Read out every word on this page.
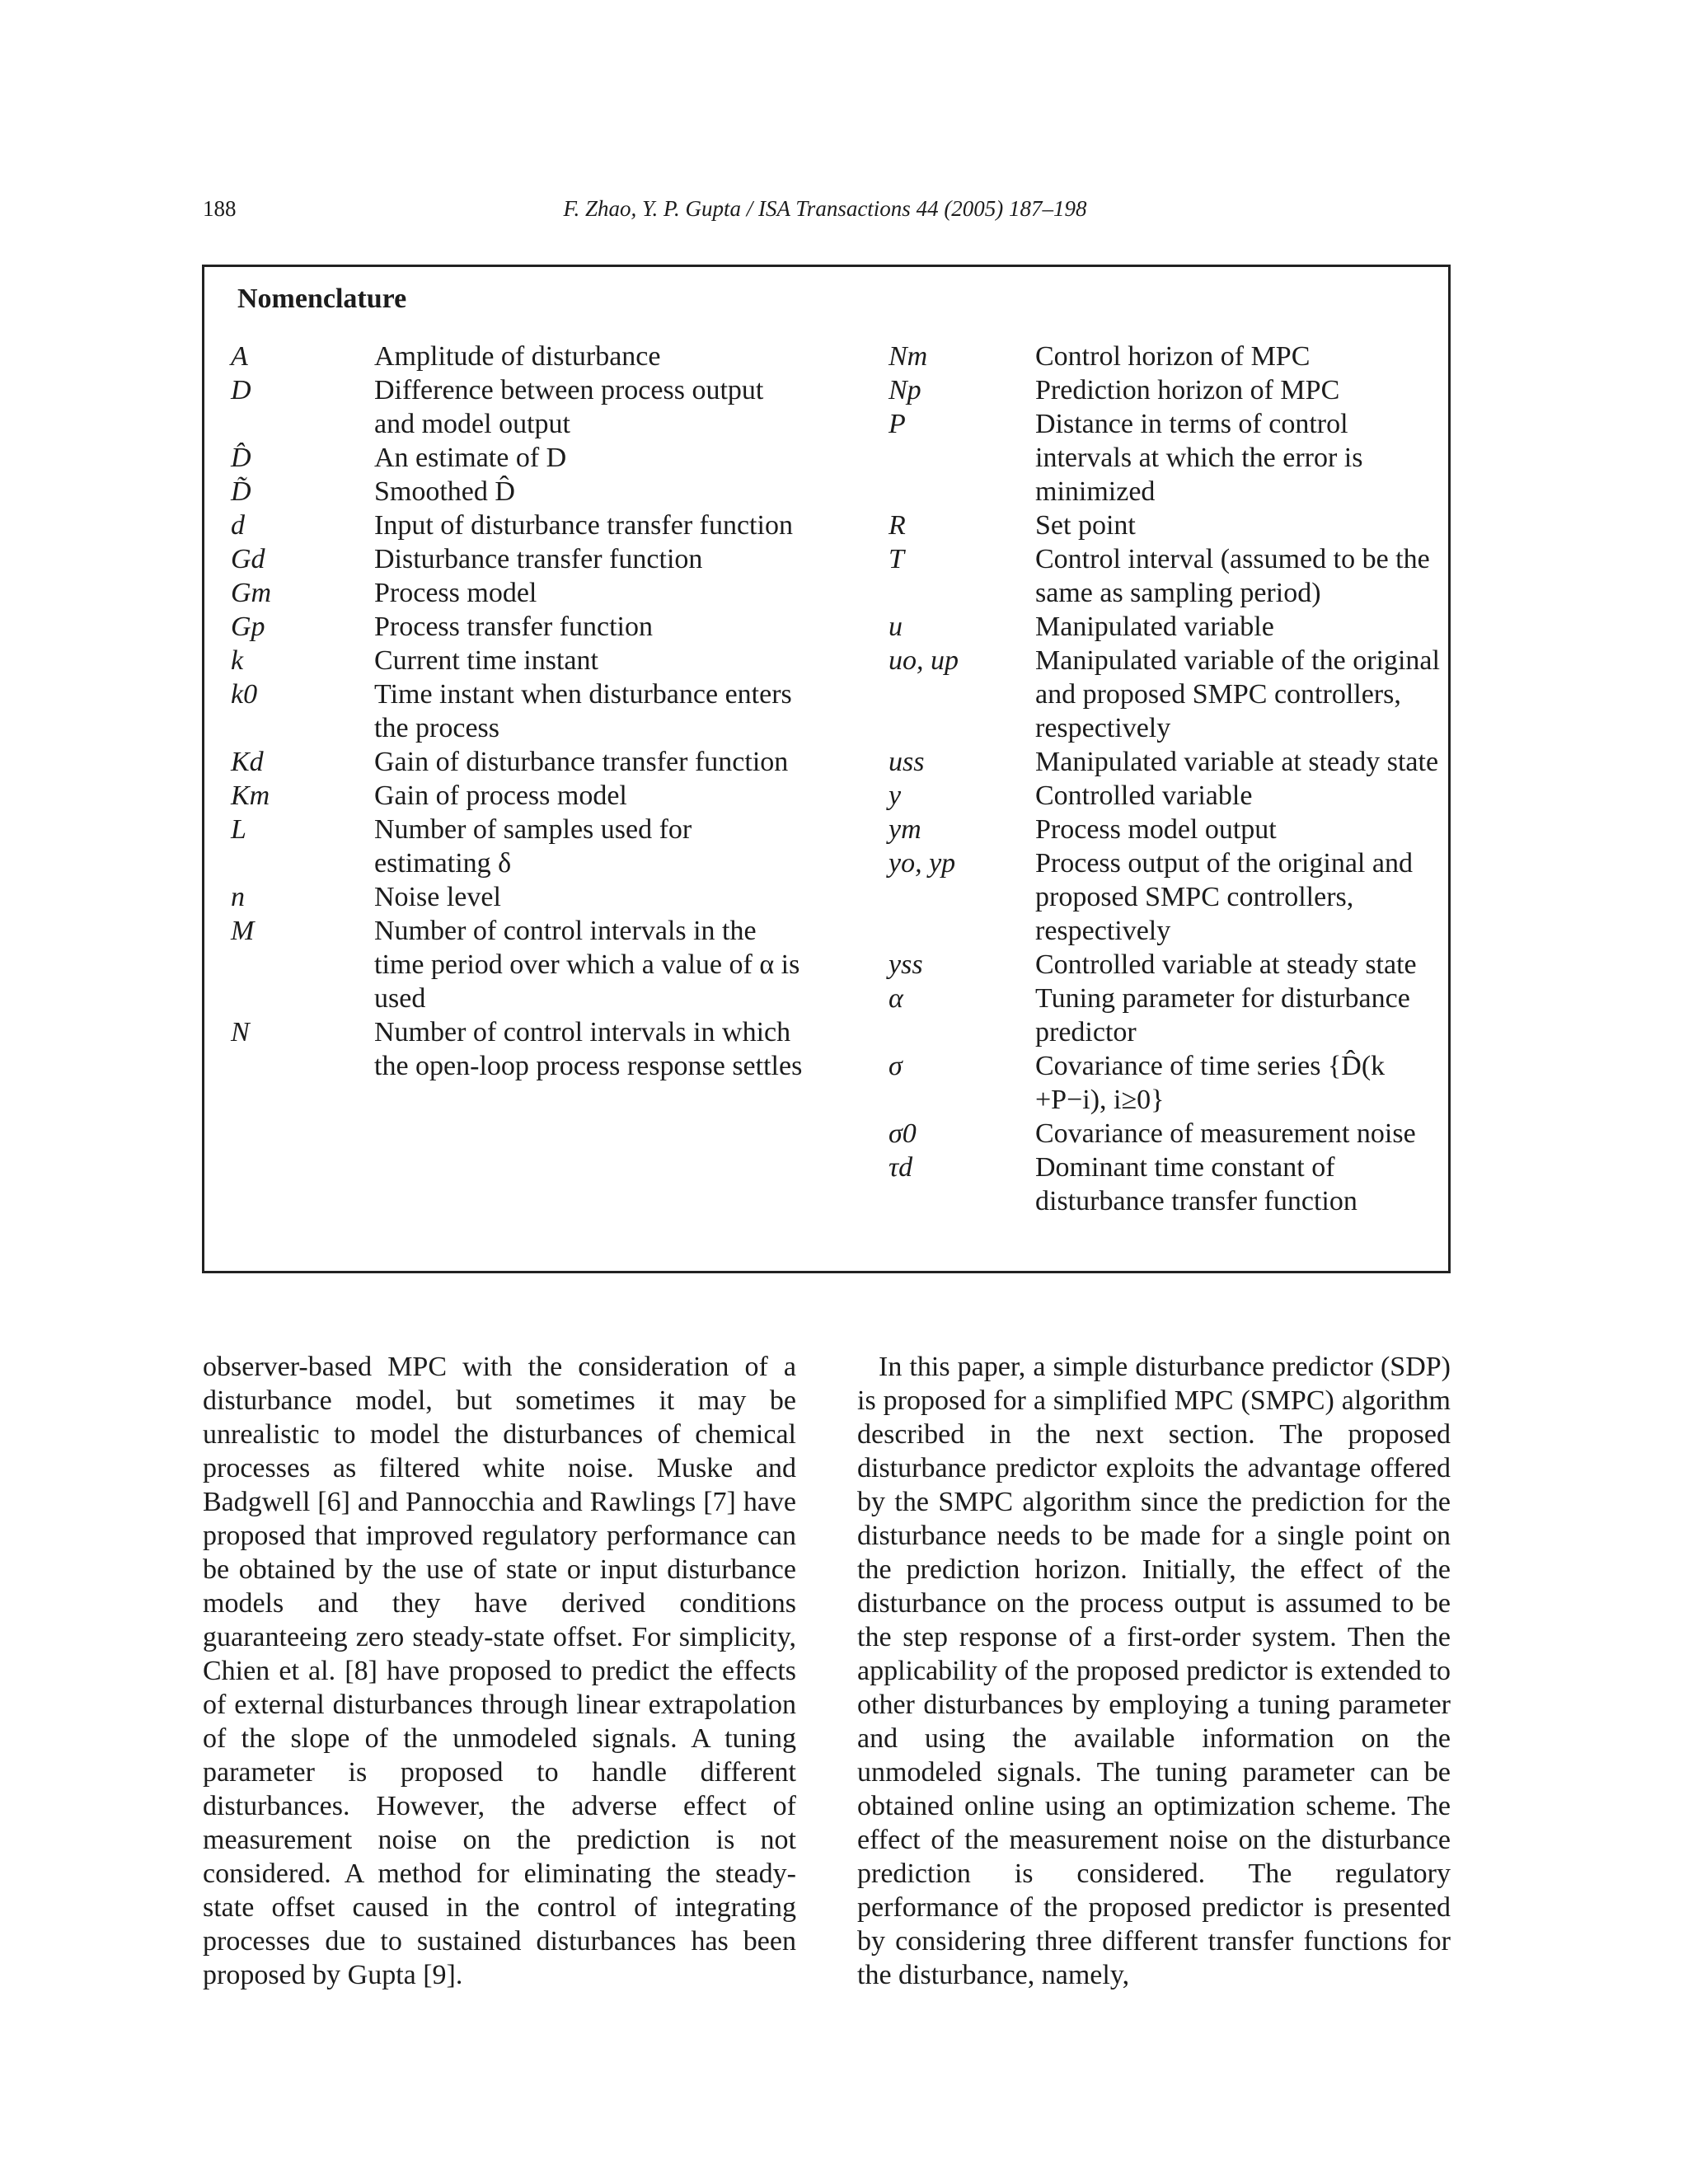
188	F. Zhao, Y. P. Gupta / ISA Transactions 44 (2005) 187–198
Nomenclature
A	Amplitude of disturbance
D	Difference between process output and model output
D̂	An estimate of D
D̃	Smoothed D̂
d	Input of disturbance transfer function
Gd	Disturbance transfer function
Gm	Process model
Gp	Process transfer function
k	Current time instant
k0	Time instant when disturbance enters the process
Kd	Gain of disturbance transfer function
Km	Gain of process model
L	Number of samples used for estimating δ
n	Noise level
M	Number of control intervals in the time period over which a value of α is used
N	Number of control intervals in which the open-loop process response settles
Nm	Control horizon of MPC
Np	Prediction horizon of MPC
P	Distance in terms of control intervals at which the error is minimized
R	Set point
T	Control interval (assumed to be the same as sampling period)
u	Manipulated variable
uo, up	Manipulated variable of the original and proposed SMPC controllers, respectively
uss	Manipulated variable at steady state
y	Controlled variable
ym	Process model output
yo, yp	Process output of the original and proposed SMPC controllers, respectively
yss	Controlled variable at steady state
α	Tuning parameter for disturbance predictor
σ	Covariance of time series {D̂(k +P−i), i≥0}
σ0	Covariance of measurement noise
τd	Dominant time constant of disturbance transfer function

observer-based MPC with the consideration of a disturbance model, but sometimes it may be unrealistic to model the disturbances of chemical processes as filtered white noise. Muske and Badgwell [6] and Pannocchia and Rawlings [7] have proposed that improved regulatory performance can be obtained by the use of state or input disturbance models and they have derived conditions guaranteeing zero steady-state offset. For simplicity, Chien et al. [8] have proposed to predict the effects of external disturbances through linear extrapolation of the slope of the unmodeled signals. A tuning parameter is proposed to handle different disturbances. However, the adverse effect of measurement noise on the prediction is not considered. A method for eliminating the steady-state offset caused in the control of integrating processes due to sustained disturbances has been proposed by Gupta [9].

In this paper, a simple disturbance predictor (SDP) is proposed for a simplified MPC (SMPC) algorithm described in the next section. The proposed disturbance predictor exploits the advantage offered by the SMPC algorithm since the prediction for the disturbance needs to be made for a single point on the prediction horizon. Initially, the effect of the disturbance on the process output is assumed to be the step response of a first-order system. Then the applicability of the proposed predictor is extended to other disturbances by employing a tuning parameter and using the available information on the unmodeled signals. The tuning parameter can be obtained online using an optimization scheme. The effect of the measurement noise on the disturbance prediction is considered. The regulatory performance of the proposed predictor is presented by considering three different transfer functions for the disturbance, namely,
